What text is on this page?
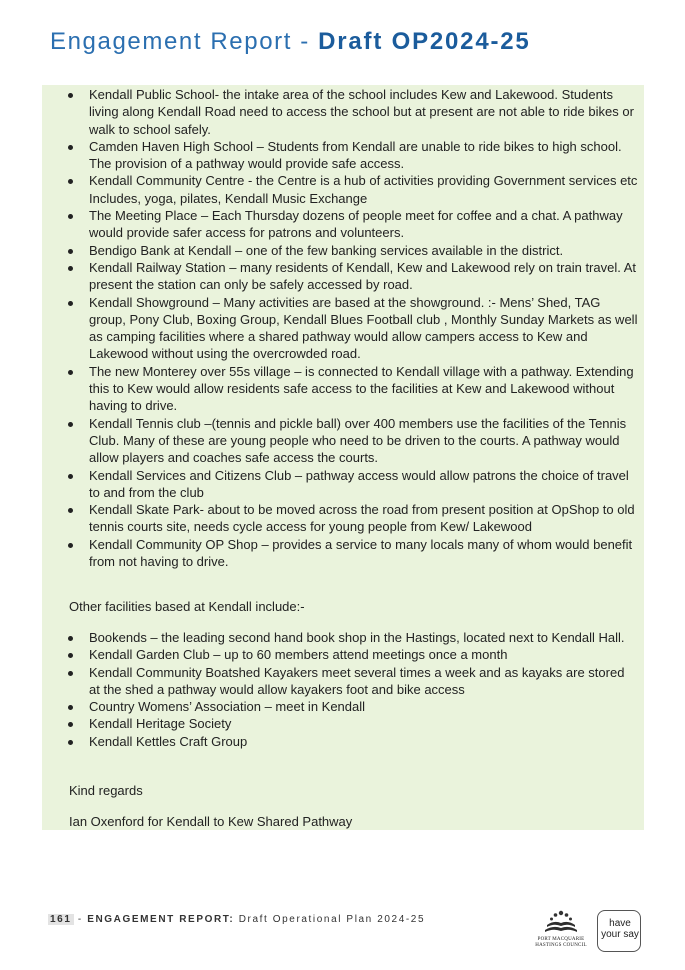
Engagement Report - Draft OP2024-25
Kendall Public School- the intake area of the school includes Kew and Lakewood. Students living along Kendall Road need to access the school but at present are not able to ride bikes or walk to school safely.
Camden Haven High School – Students from Kendall are unable to ride bikes to high school. The provision of a pathway would provide safe access.
Kendall Community Centre - the Centre is a hub of activities providing Government services etc Includes, yoga, pilates, Kendall Music Exchange
The Meeting Place – Each Thursday dozens of people meet for coffee and a chat. A pathway would provide safer access for patrons and volunteers.
Bendigo Bank at Kendall – one of the few banking services available in the district.
Kendall Railway Station – many residents of Kendall, Kew and Lakewood rely on train travel. At present the station can only be safely accessed by road.
Kendall Showground – Many activities are based at the showground. :- Mens’ Shed, TAG group, Pony Club, Boxing Group, Kendall Blues Football club , Monthly Sunday Markets as well as camping facilities where a shared pathway would allow campers access to Kew and Lakewood without using the overcrowded road.
The new Monterey over 55s village – is connected to Kendall village with a pathway. Extending this to Kew would allow residents safe access to the facilities at Kew and Lakewood without having to drive.
Kendall Tennis club –(tennis and pickle ball) over 400 members use the facilities of the Tennis Club. Many of these are young people who need to be driven to the courts. A pathway would allow players and coaches safe access the courts.
Kendall Services and Citizens Club – pathway access would allow patrons the choice of travel to and from the club
Kendall Skate Park- about to be moved across the road from present position at OpShop to old tennis courts site, needs cycle access for young people from Kew/ Lakewood
Kendall Community OP Shop – provides a service to many locals many of whom would benefit from not having to drive.
Other facilities based at Kendall include:-
Bookends – the leading second hand book shop in the Hastings, located next to Kendall Hall.
Kendall Garden Club – up to 60 members attend meetings once a month
Kendall Community Boatshed Kayakers meet several times a week and as kayaks are stored at the shed a pathway would allow kayakers foot and bike access
Country Womens’ Association – meet in Kendall
Kendall Heritage Society
Kendall Kettles Craft Group
Kind regards
Ian Oxenford for Kendall to Kew Shared Pathway
161 - ENGAGEMENT REPORT: Draft Operational Plan 2024-25
PORT MACQUARIE HASTINGS COUNCIL
have
your say
